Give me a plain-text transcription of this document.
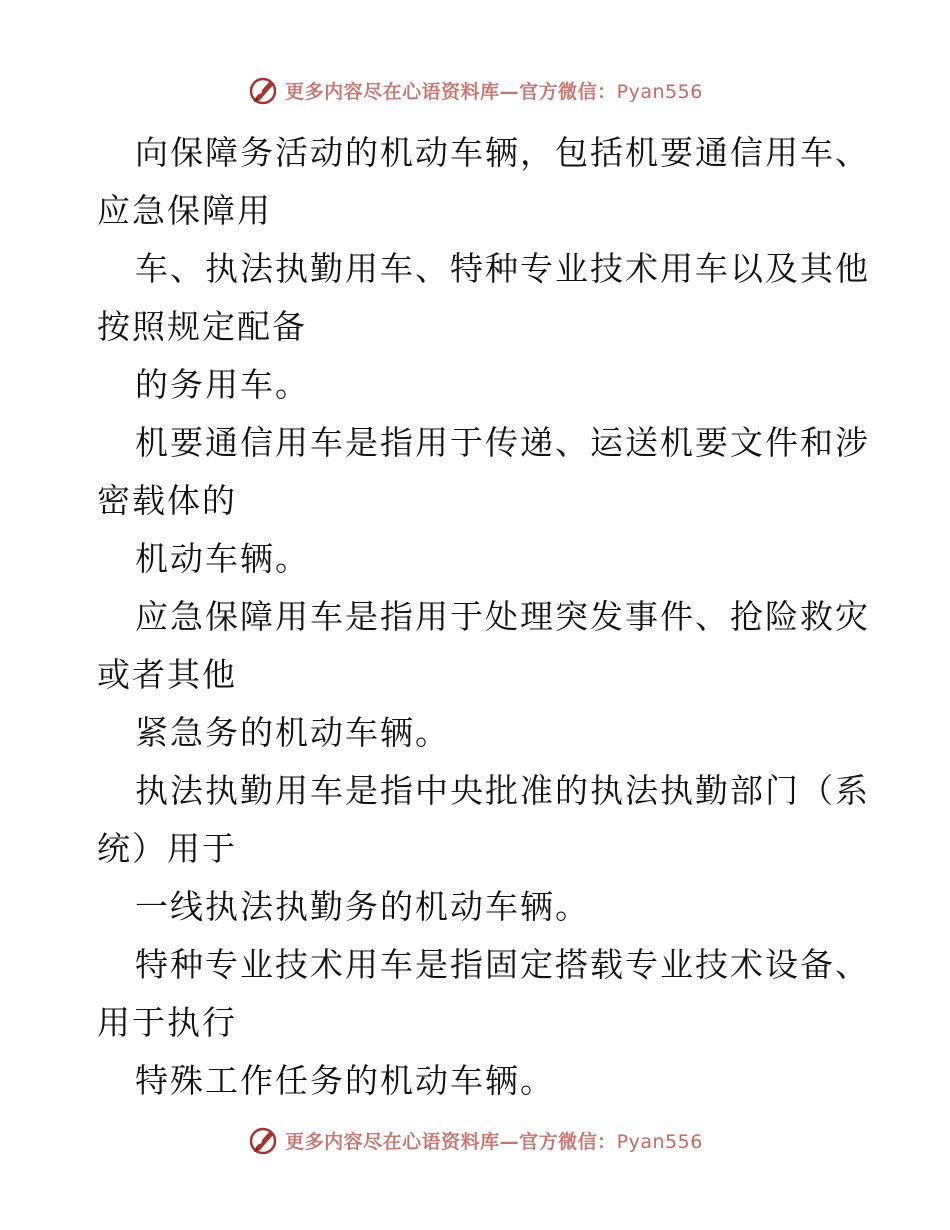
更多内容尽在心语资料库—官方微信：Pyan556

向保障务活动的机动车辆，包括机要通信用车、

应急保障用

车、执法执勤用车、特种专业技术用车以及其他

按照规定配备

的务用车。

机要通信用车是指用于传递、运送机要文件和涉

密载体的

机动车辆。

应急保障用车是指用于处理突发事件、抢险救灾

或者其他

紧急务的机动车辆。

执法执勤用车是指中央批准的执法执勤部门（系

统）用于

一线执法执勤务的机动车辆。

特种专业技术用车是指固定搭载专业技术设备、

用于执行

特殊工作任务的机动车辆。

更多内容尽在心语资料库—官方微信：Pyan556
